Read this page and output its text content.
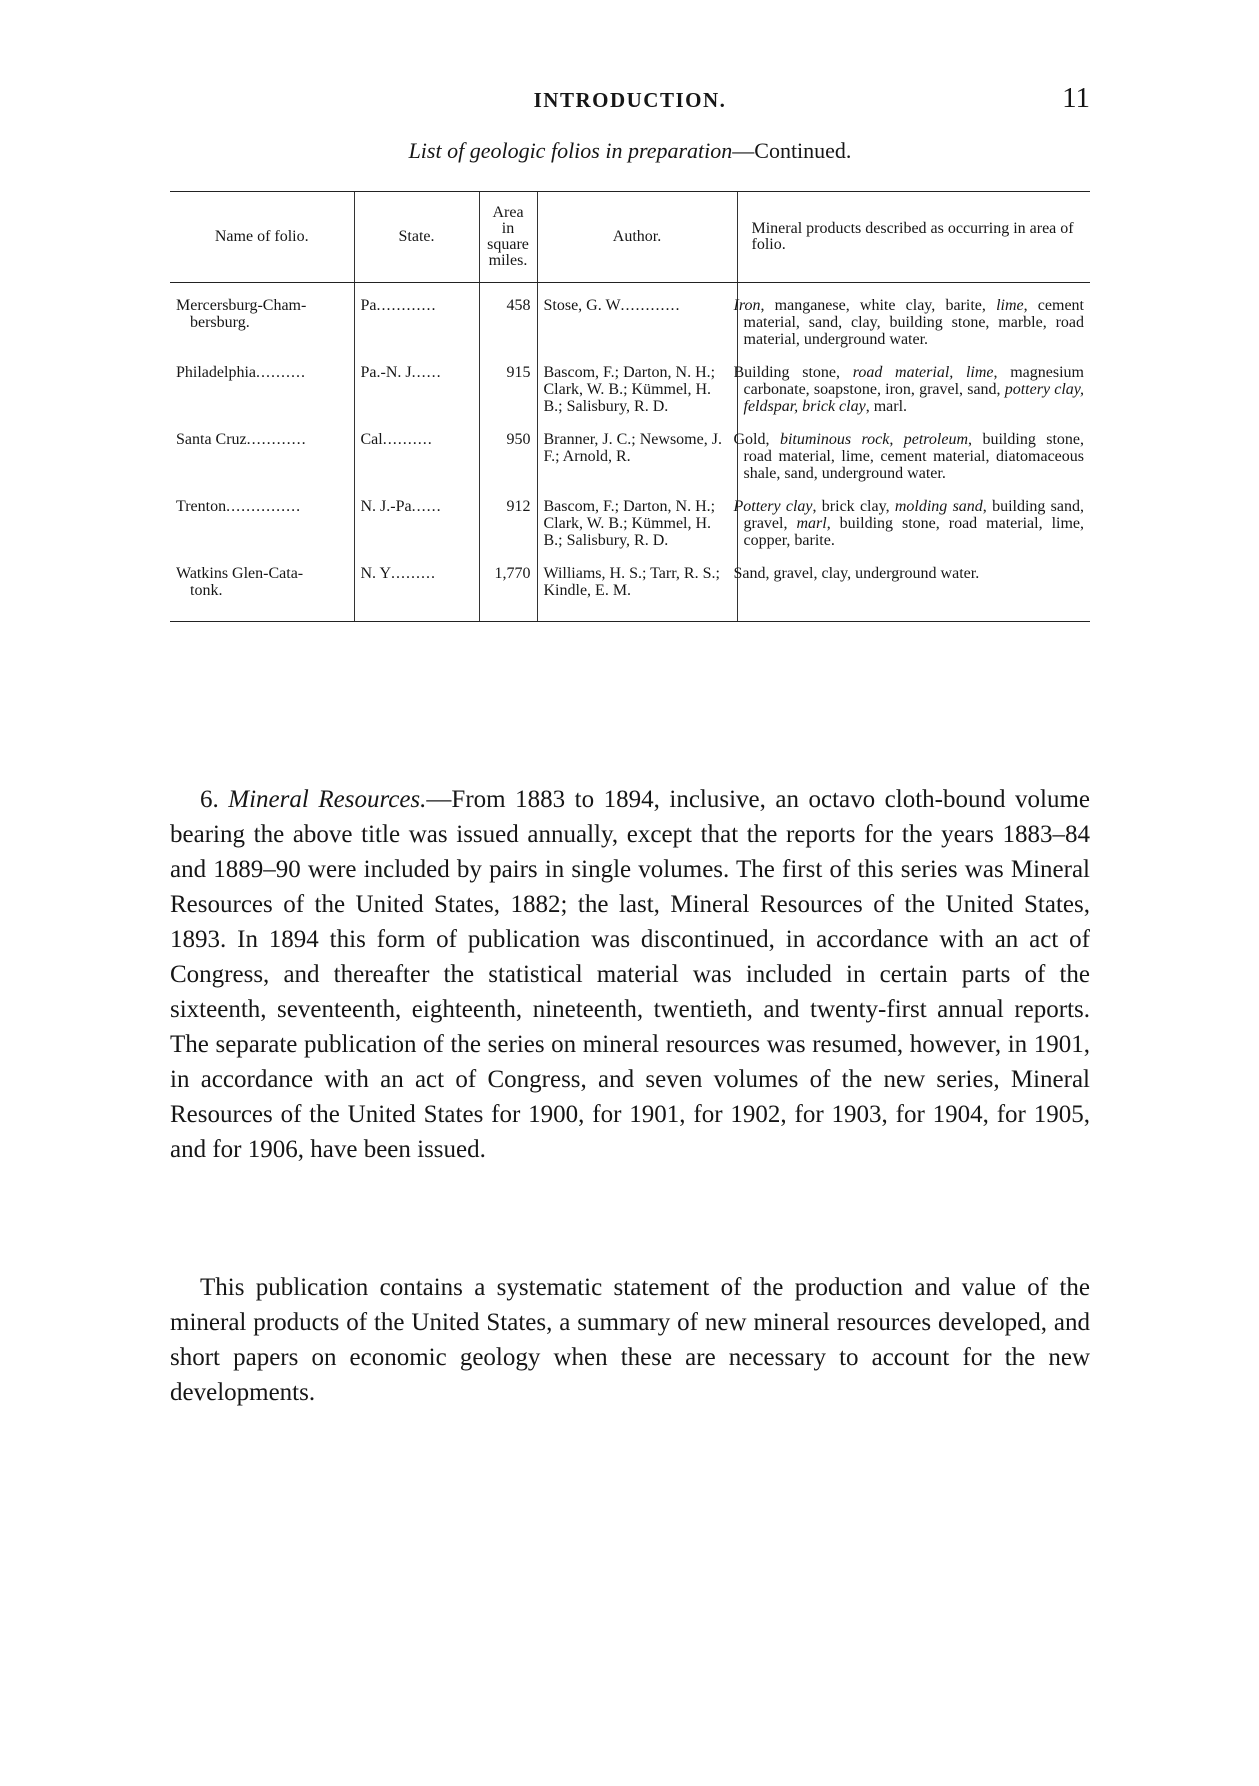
INTRODUCTION.	11
List of geologic folios in preparation—Continued.
Name of folio.	State.	Area
in
square
miles.	Author.	Mineral products described as occurring in area of folio.
Mercersburg-Cham-
bersburg.	Pa............	458	Stose, G. W............	Iron, manganese, white clay, barite, lime, cement material, sand, clay, building stone, marble, road material, underground water.
Philadelphia..........	Pa.-N. J......	915	Bascom, F.; Darton, N. H.; Clark, W. B.; Kümmel, H. B.; Salisbury, R. D.	Building stone, road material, lime, magnesium carbonate, soapstone, iron, gravel, sand, pottery clay, feldspar, brick clay, marl.
Santa Cruz............	Cal..........	950	Branner, J. C.; Newsome, J. F.; Arnold, R.	Gold, bituminous rock, petroleum, building stone, road material, lime, cement material, diatomaceous shale, sand, underground water.
Trenton...............	N. J.-Pa......	912	Bascom, F.; Darton, N. H.; Clark, W. B.; Kümmel, H. B.; Salisbury, R. D.	Pottery clay, brick clay, molding sand, building sand, gravel, marl, building stone, road material, lime, copper, barite.
Watkins Glen-Cata-
tonk.	N. Y.........	1,770	Williams, H. S.; Tarr, R. S.; Kindle, E. M.	Sand, gravel, clay, underground water.

6. Mineral Resources.—From 1883 to 1894, inclusive, an octavo cloth-bound volume bearing the above title was issued annually, except that the reports for the years 1883–84 and 1889–90 were included by pairs in single volumes. The first of this series was Mineral Resources of the United States, 1882; the last, Mineral Resources of the United States, 1893. In 1894 this form of publication was discontinued, in accordance with an act of Congress, and thereafter the statistical material was included in certain parts of the sixteenth, seventeenth, eighteenth, nineteenth, twentieth, and twenty-first annual reports. The separate publication of the series on mineral resources was resumed, however, in 1901, in accordance with an act of Congress, and seven volumes of the new series, Mineral Resources of the United States for 1900, for 1901, for 1902, for 1903, for 1904, for 1905, and for 1906, have been issued.

This publication contains a systematic statement of the production and value of the mineral products of the United States, a summary of new mineral resources developed, and short papers on economic geology when these are necessary to account for the new developments.
